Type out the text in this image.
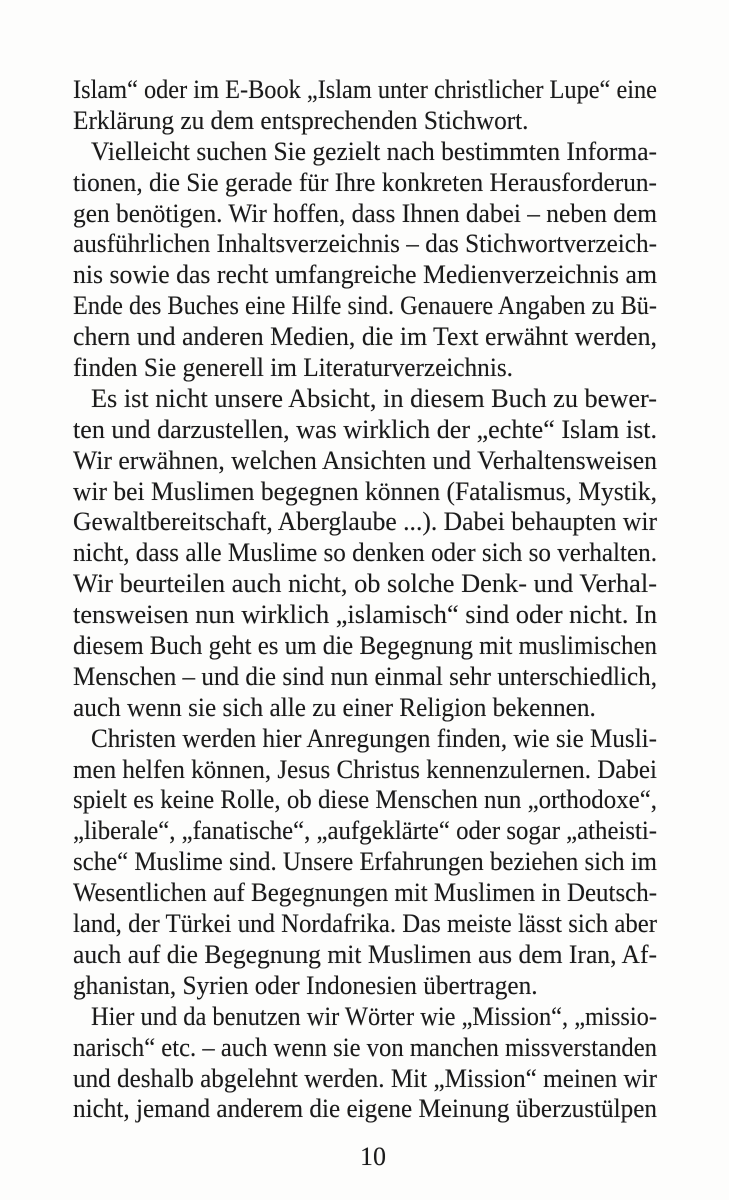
Islam“ oder im E-Book „Islam unter christlicher Lupe“ eine
Erklärung zu dem entsprechenden Stichwort.
Vielleicht suchen Sie gezielt nach bestimmten Informa-
tionen, die Sie gerade für Ihre konkreten Herausforderun-
gen benötigen. Wir hoffen, dass Ihnen dabei – neben dem
ausführlichen Inhaltsverzeichnis – das Stichwortverzeich-
nis sowie das recht umfangreiche Medienverzeichnis am
Ende des Buches eine Hilfe sind. Genauere Angaben zu Bü-
chern und anderen Medien, die im Text erwähnt werden,
finden Sie generell im Literaturverzeichnis.
Es ist nicht unsere Absicht, in diesem Buch zu bewer-
ten und darzustellen, was wirklich der „echte“ Islam ist.
Wir erwähnen, welchen Ansichten und Verhaltensweisen
wir bei Muslimen begegnen können (Fatalismus, Mystik,
Gewaltbereitschaft, Aberglaube ...). Dabei behaupten wir
nicht, dass alle Muslime so denken oder sich so verhalten.
Wir beurteilen auch nicht, ob solche Denk- und Verhal-
tensweisen nun wirklich „islamisch“ sind oder nicht. In
diesem Buch geht es um die Begegnung mit muslimischen
Menschen – und die sind nun einmal sehr unterschiedlich,
auch wenn sie sich alle zu einer Religion bekennen.
Christen werden hier Anregungen finden, wie sie Musli-
men helfen können, Jesus Christus kennenzulernen. Dabei
spielt es keine Rolle, ob diese Menschen nun „orthodoxe“,
„liberale“, „fanatische“, „aufgeklärte“ oder sogar „atheisti-
sche“ Muslime sind. Unsere Erfahrungen beziehen sich im
Wesentlichen auf Begegnungen mit Muslimen in Deutsch-
land, der Türkei und Nordafrika. Das meiste lässt sich aber
auch auf die Begegnung mit Muslimen aus dem Iran, Af-
ghanistan, Syrien oder Indonesien übertragen.
Hier und da benutzen wir Wörter wie „Mission“, „missio-
narisch“ etc. – auch wenn sie von manchen missverstanden
und deshalb abgelehnt werden. Mit „Mission“ meinen wir
nicht, jemand anderem die eigene Meinung überzustülpen
10
